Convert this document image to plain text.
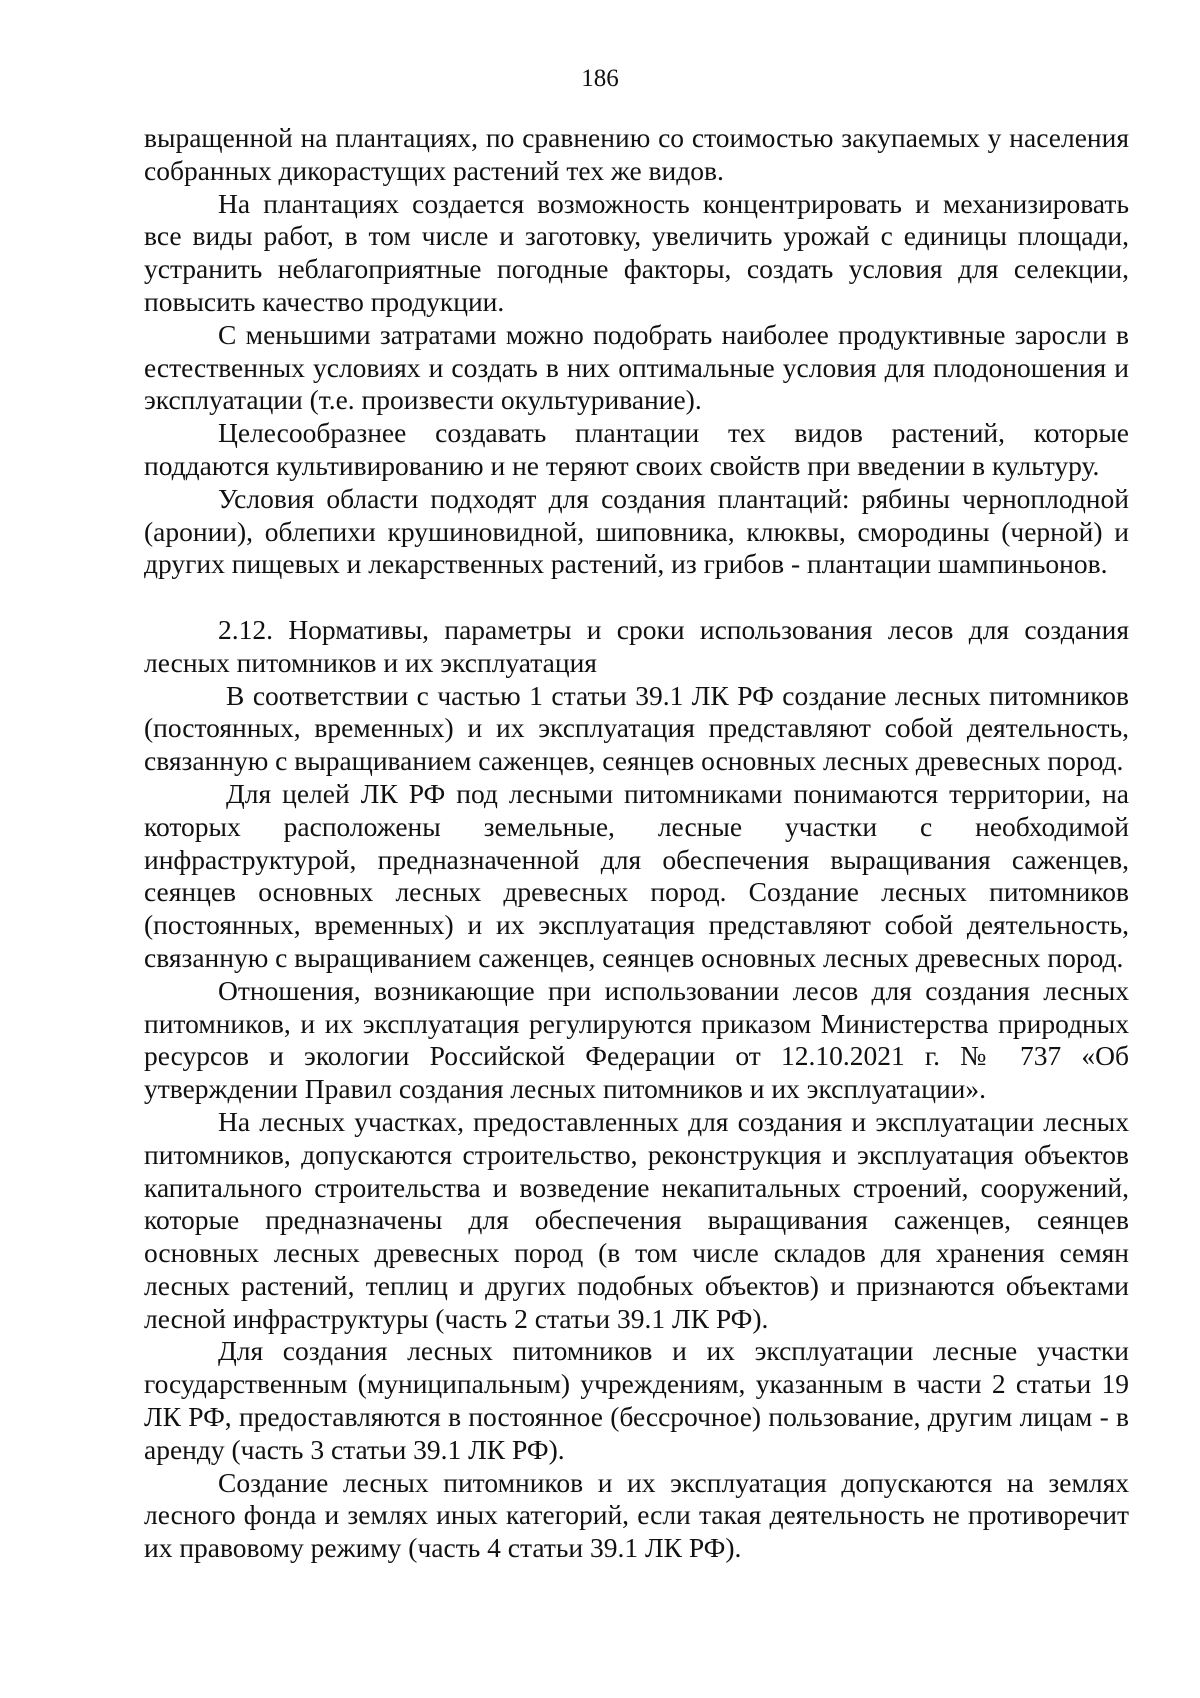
186

выращенной на плантациях, по сравнению со стоимостью закупаемых у населения собранных дикорастущих растений тех же видов.

На плантациях создается возможность концентрировать и механизировать все виды работ, в том числе и заготовку, увеличить урожай с единицы площади, устранить неблагоприятные погодные факторы, создать условия для селекции, повысить качество продукции.

С меньшими затратами можно подобрать наиболее продуктивные заросли в естественных условиях и создать в них оптимальные условия для плодоношения и эксплуатации (т.е. произвести окультуривание).

Целесообразнее создавать плантации тех видов растений, которые поддаются культивированию и не теряют своих свойств при введении в культуру.

Условия области подходят для создания плантаций: рябины черноплодной (аронии), облепихи крушиновидной, шиповника, клюквы, смородины (черной) и других пищевых и лекарственных растений, из грибов - плантации шампиньонов.

2.12. Нормативы, параметры и сроки использования лесов для создания лесных питомников и их эксплуатация

В соответствии с частью 1 статьи 39.1 ЛК РФ создание лесных питомников (постоянных, временных) и их эксплуатация представляют собой деятельность, связанную с выращиванием саженцев, сеянцев основных лесных древесных пород.

Для целей ЛК РФ под лесными питомниками понимаются территории, на которых расположены земельные, лесные участки с необходимой инфраструктурой, предназначенной для обеспечения выращивания саженцев, сеянцев основных лесных древесных пород. Создание лесных питомников (постоянных, временных) и их эксплуатация представляют собой деятельность, связанную с выращиванием саженцев, сеянцев основных лесных древесных пород.

Отношения, возникающие при использовании лесов для создания лесных питомников, и их эксплуатация регулируются приказом Министерства природных ресурсов и экологии Российской Федерации от 12.10.2021 г. № 737 «Об утверждении Правил создания лесных питомников и их эксплуатации».

На лесных участках, предоставленных для создания и эксплуатации лесных питомников, допускаются строительство, реконструкция и эксплуатация объектов капитального строительства и возведение некапитальных строений, сооружений, которые предназначены для обеспечения выращивания саженцев, сеянцев основных лесных древесных пород (в том числе складов для хранения семян лесных растений, теплиц и других подобных объектов) и признаются объектами лесной инфраструктуры (часть 2 статьи 39.1 ЛК РФ).

Для создания лесных питомников и их эксплуатации лесные участки государственным (муниципальным) учреждениям, указанным в части 2 статьи 19 ЛК РФ, предоставляются в постоянное (бессрочное) пользование, другим лицам - в аренду (часть 3 статьи 39.1 ЛК РФ).

Создание лесных питомников и их эксплуатация допускаются на землях лесного фонда и землях иных категорий, если такая деятельность не противоречит их правовому режиму (часть 4 статьи 39.1 ЛК РФ).
